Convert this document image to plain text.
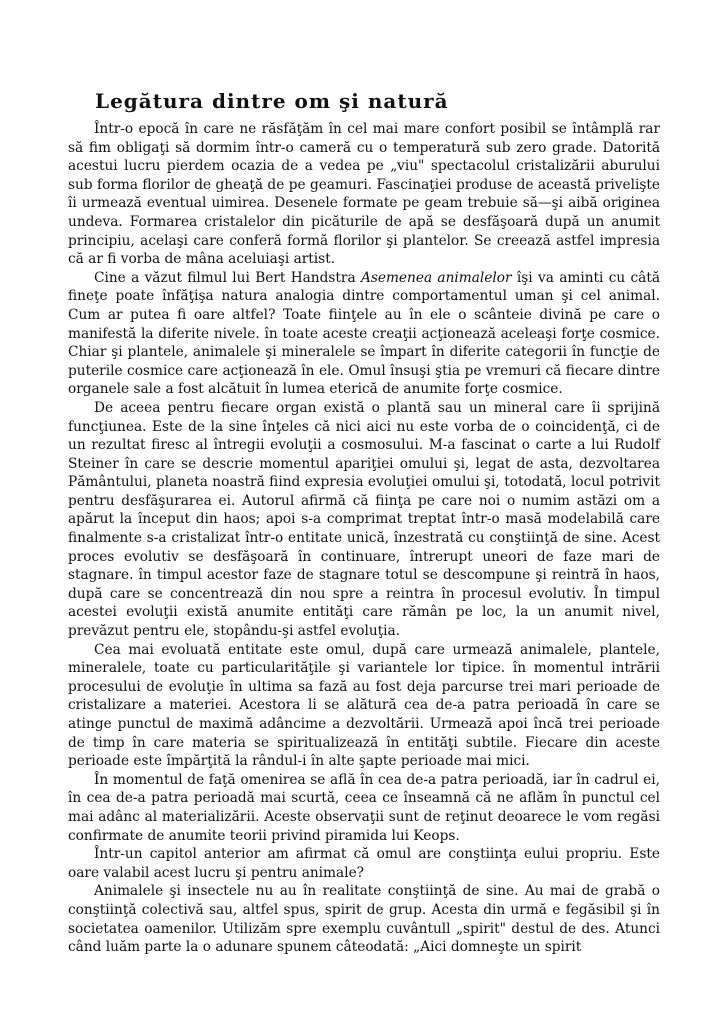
Legătura dintre om şi natură

Într-o epocă în care ne răsfăţăm în cel mai mare confort posibil se întâmplă rar să fim obligaţi să dormim într-o cameră cu o temperatură sub zero grade. Datorită acestui lucru pierdem ocazia de a vedea pe „viu" spectacolul cristalizării aburului sub forma florilor de gheaţă de pe geamuri. Fascinaţiei produse de această privelişte îi urmează eventual uimirea. Desenele formate pe geam trebuie să—şi aibă originea undeva. Formarea cristalelor din picăturile de apă se desfăşoară după un anumit principiu, acelaşi care conferă formă florilor şi plantelor. Se creează astfel impresia că ar fi vorba de mâna aceluiaşi artist.

Cine a văzut filmul lui Bert Handstra Asemenea animalelor îşi va aminti cu câtă fineţe poate înfăţişa natura analogia dintre comportamentul uman şi cel animal. Cum ar putea fi oare altfel? Toate fiinţele au în ele o scânteie divină pe care o manifestă la diferite nivele. în toate aceste creaţii acţionează aceleaşi forţe cosmice. Chiar şi plantele, animalele şi mineralele se împart în diferite categorii în funcţie de puterile cosmice care acţionează în ele. Omul însuşi ştia pe vremuri că fiecare dintre organele sale a fost alcătuit în lumea eterică de anumite forţe cosmice.

De aceea pentru fiecare organ există o plantă sau un mineral care îi sprijină funcţiunea. Este de la sine înţeles că nici aici nu este vorba de o coincidenţă, ci de un rezultat firesc al întregii evoluţii a cosmosului. M-a fascinat o carte a lui Rudolf Steiner în care se descrie momentul apariţiei omului şi, legat de asta, dezvoltarea Pământului, planeta noastră fiind expresia evoluţiei omului şi, totodată, locul potrivit pentru desfăşurarea ei. Autorul afirmă că fiinţa pe care noi o numim astăzi om a apărut la început din haos; apoi s-a comprimat treptat într-o masă modelabilă care finalmente s-a cristalizat într-o entitate unică, înzestrată cu conştiinţă de sine. Acest proces evolutiv se desfăşoară în continuare, întrerupt uneori de faze mari de stagnare. în timpul acestor faze de stagnare totul se descompune şi reintră în haos, după care se concentrează din nou spre a reintra în procesul evolutiv. În timpul acestei evoluţii există anumite entităţi care rămân pe loc, la un anumit nivel, prevăzut pentru ele, stopându-şi astfel evoluţia.

Cea mai evoluată entitate este omul, după care urmează animalele, plantele, mineralele, toate cu particularităţile şi variantele lor tipice. în momentul intrării procesului de evoluţie în ultima sa fază au fost deja parcurse trei mari perioade de cristalizare a materiei. Acestora li se alătură cea de-a patra perioadă în care se atinge punctul de maximă adâncime a dezvoltării. Urmează apoi încă trei perioade de timp în care materia se spiritualizează în entităţi subtile. Fiecare din aceste perioade este împărţită la rândul-i în alte şapte perioade mai mici.

În momentul de faţă omenirea se află în cea de-a patra perioadă, iar în cadrul ei, în cea de-a patra perioadă mai scurtă, ceea ce înseamnă că ne aflăm în punctul cel mai adânc al materializării. Aceste observaţii sunt de reţinut deoarece le vom regăsi confirmate de anumite teorii privind piramida lui Keops.

Într-un capitol anterior am afirmat că omul are conştiinţa eului propriu. Este oare valabil acest lucru şi pentru animale?

Animalele şi insectele nu au în realitate conştiinţă de sine. Au mai de grabă o conştiinţă colectivă sau, altfel spus, spirit de grup. Acesta din urmă e fegăsibil şi în societatea oamenilor. Utilizăm spre exemplu cuvântull „spirit" destul de des. Atunci când luăm parte la o adunare spunem câteodată: „Aici domneşte un spirit
